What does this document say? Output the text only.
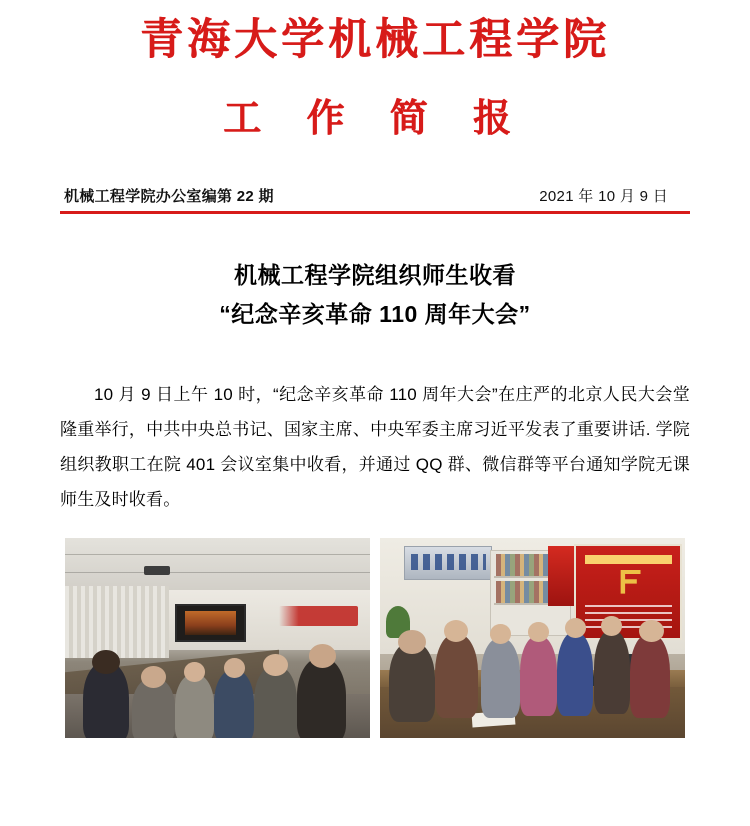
青海大学机械工程学院
工 作 简 报
机械工程学院办公室编第 22 期	2021 年 10 月 9 日
机械工程学院组织师生收看
“纪念辛亥革命 110 周年大会”

10 月 9 日上午 10 时，“纪念辛亥革命 110 周年大会”在庄严的北京人民大会堂隆重举行，中共中央总书记、国家主席、中央军委主席习近平发表了重要讲话. 学院组织教职工在院 401 会议室集中收看，并通过 QQ 群、微信群等平台通知学院无课师生及时收看。
